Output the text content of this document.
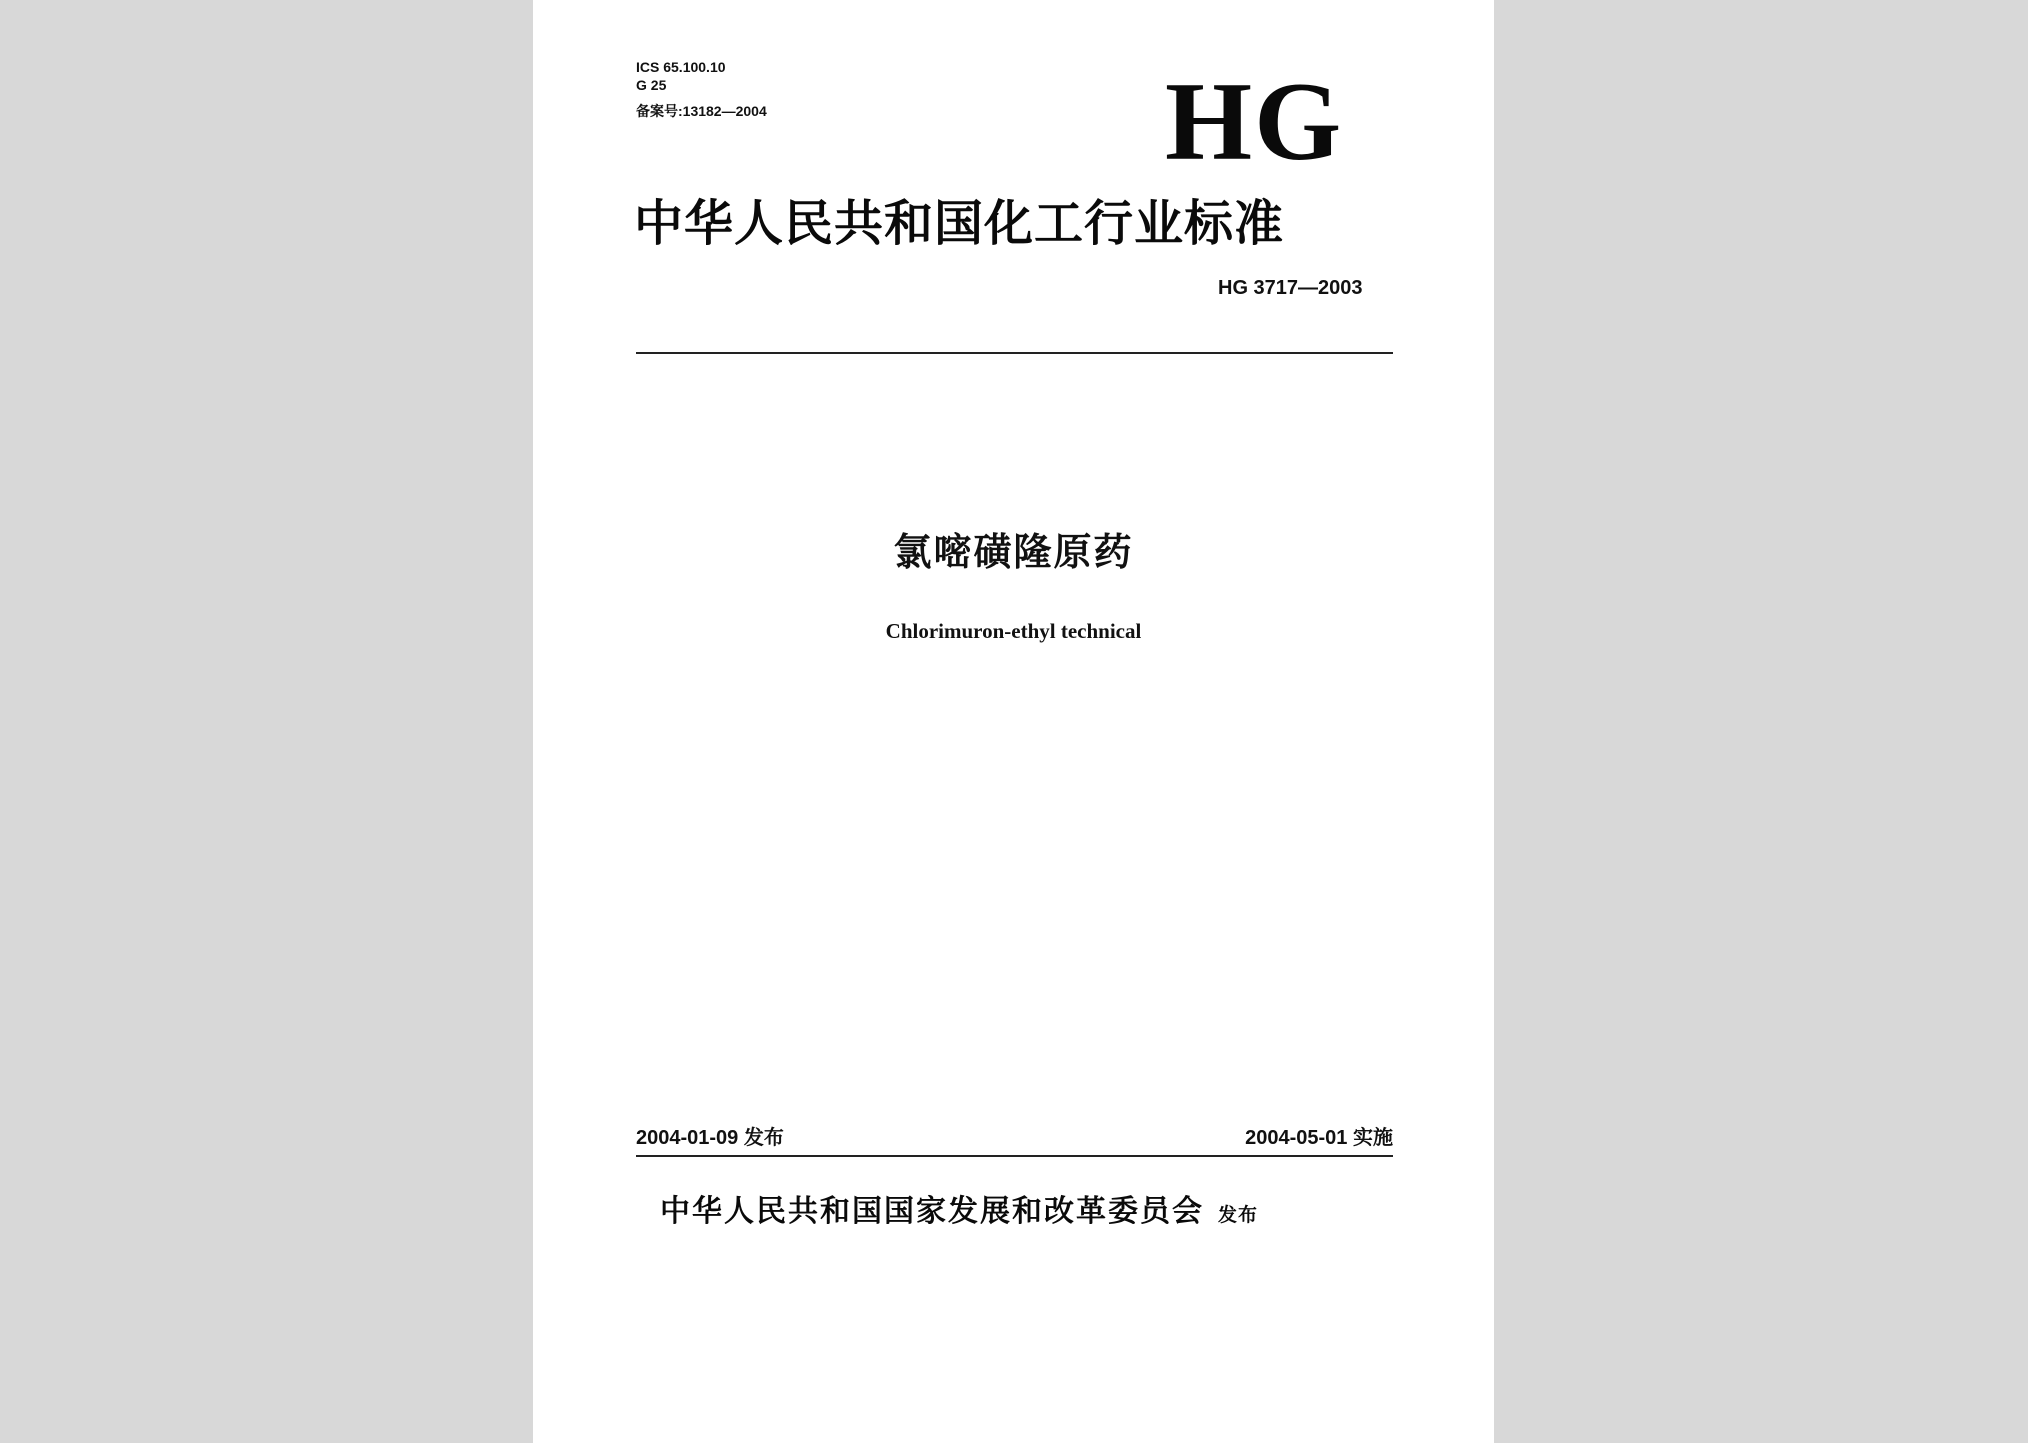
ICS 65.100.10
G 25
备案号:13182—2004	HG
中华人民共和国化工行业标准
HG 3717—2003
氯嘧磺隆原药
Chlorimuron-ethyl technical
2004-01-09 发布	2004-05-01 实施
中华人民共和国国家发展和改革委员会 发布
